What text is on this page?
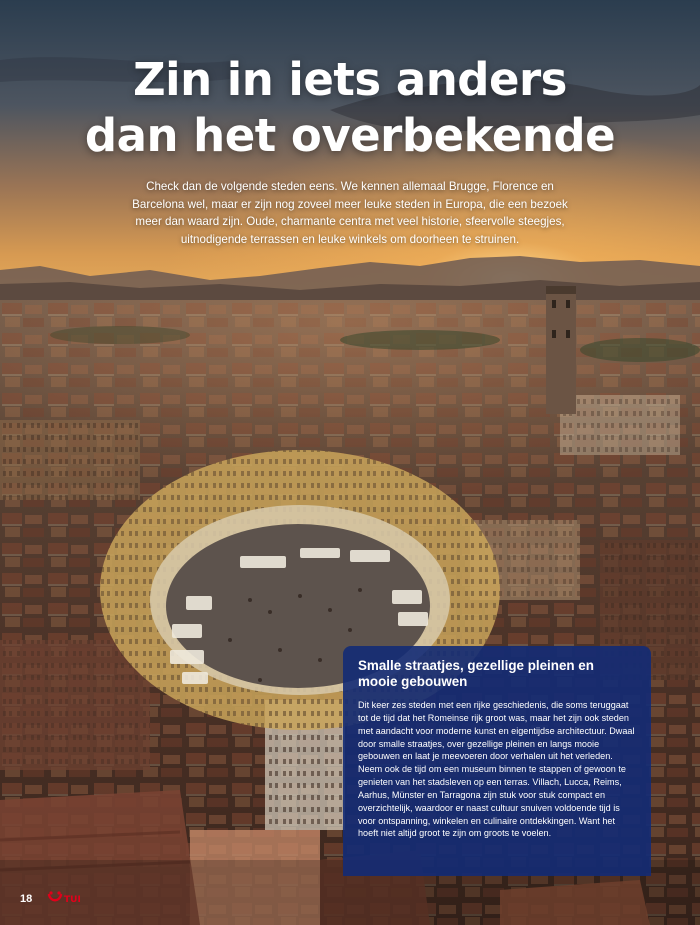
Zin in iets anders
dan het overbekende

Check dan de volgende steden eens. We kennen allemaal Brugge, Florence en Barcelona wel, maar er zijn nog zoveel meer leuke steden in Europa, die een bezoek meer dan waard zijn. Oude, charmante centra met veel historie, sfeervolle steegjes, uitnodigende terrassen en leuke winkels om doorheen te struinen.

Smalle straatjes, gezellige pleinen en mooie gebouwen

Dit keer zes steden met een rijke geschiedenis, die soms teruggaat tot de tijd dat het Romeinse rijk groot was, maar het zijn ook steden met aandacht voor moderne kunst en eigentijdse architectuur. Dwaal door smalle straatjes, over gezellige pleinen en langs mooie gebouwen en laat je meevoeren door verhalen uit het verleden. Neem ook de tijd om een museum binnen te stappen of gewoon te genieten van het stadsleven op een terras. Villach, Lucca, Reims, Aarhus, Münster en Tarragona zijn stuk voor stuk compact en overzichtelijk, waardoor er naast cultuur snuiven voldoende tijd is voor ontspanning, winkelen en culinaire ontdekkingen. Want het hoeft niet altijd groot te zijn om groots te voelen.

18	TUI
